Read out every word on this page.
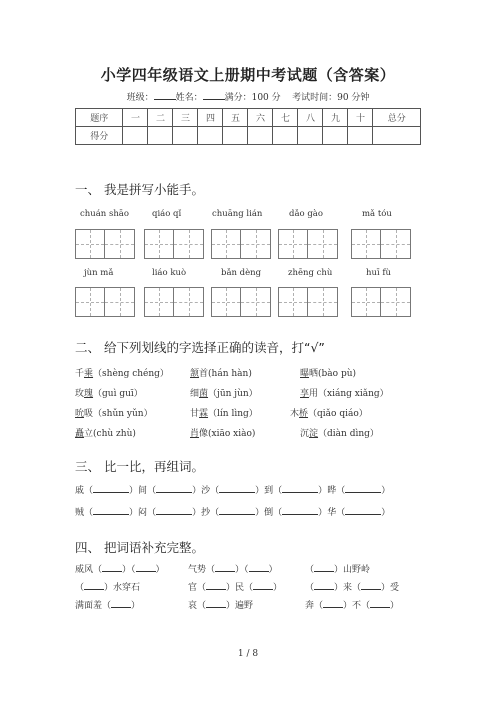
小学四年级语文上册期中考试题（含答案）
班级： 姓名： 满分：100 分 考试时间：90 分钟
题序	一	二	三	四	五	六	七	八	九	十	总分
得分											
一、 我是拼写小能手。
chuán shāo	qiáo qǐ	chuāng lián	dǎo gào	mǎ tóu
jùn mǎ	liáo kuò	bǎn dèng	zhēng chù	huī fù
二、 给下列划线的字选择正确的读音，打“√”
千乘（shèng chéng） 颔首(hán hàn)	曝晒(bào pù)
玫瑰（guì guī）	细菌（jūn jùn）	享用（xiáng xiǎng）
吮吸（shǔn yǔn）	甘霖（lín lìng）	木桥（qiǎo qiáo）
矗立(chù zhù)	肖像(xiāo xiào)	沉淀（diàn dìng）
三、 比一比，再组词。
戚（	）间（	）沙（	）到（	）晔（	）
贼（	）闷（	）抄（	）倒（	）华（	）
四、 把词语补充完整。
威风（ ）（ ）	气势（ ）（ ）	（ ）山野岭
（ ）水穿石	官（ ）民（ ）	（ ）来（ ）受
满面羞（ ）	哀（ ）遍野	奔（ ）不（ ）
1 / 8
